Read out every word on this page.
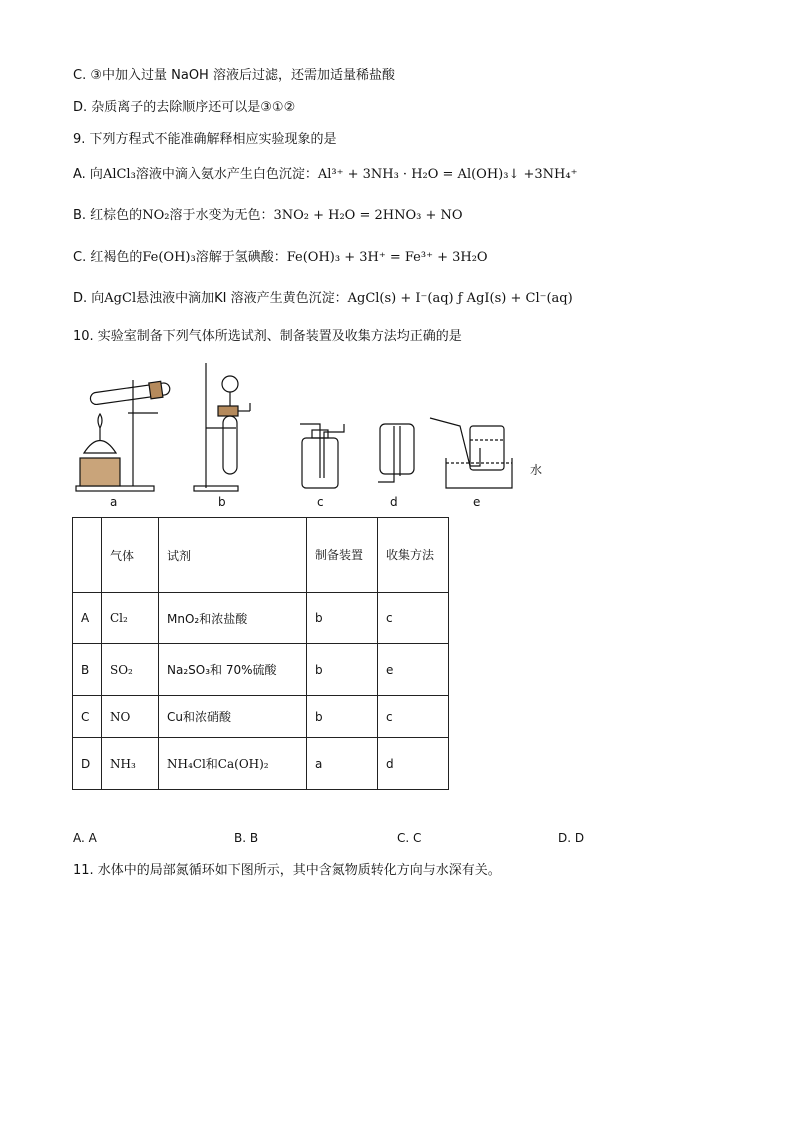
C. ③中加入过量 NaOH 溶液后过滤，还需加适量稀盐酸
D. 杂质离子的去除顺序还可以是③①②
9. 下列方程式不能准确解释相应实验现象的是
A. 向AlCl₃溶液中滴入氨水产生白色沉淀：Al³⁺ + 3NH₃ · H₂O = Al(OH)₃↓ +3NH₄⁺
B. 红棕色的NO₂溶于水变为无色：3NO₂ + H₂O = 2HNO₃ + NO
C. 红褐色的Fe(OH)₃溶解于氢碘酸：Fe(OH)₃ + 3H⁺ = Fe³⁺ + 3H₂O
D. 向AgCl悬浊液中滴加KI 溶液产生黄色沉淀：AgCl(s) + I⁻(aq) ƒ AgI(s) + Cl⁻(aq)
10. 实验室制备下列气体所选试剂、制备装置及收集方法均正确的是
a	b	c	d
水
e
	气体	试剂	制备装置	收集方法
A	Cl₂	MnO₂和浓盐酸	b	c
B	SO₂	Na₂SO₃和 70%硫酸	b	e
C	NO	Cu和浓硝酸	b	c
D	NH₃	NH₄Cl和Ca(OH)₂	a	d
A. A	B. B	C. C	D. D
11. 水体中的局部氮循环如下图所示，其中含氮物质转化方向与水深有关。
